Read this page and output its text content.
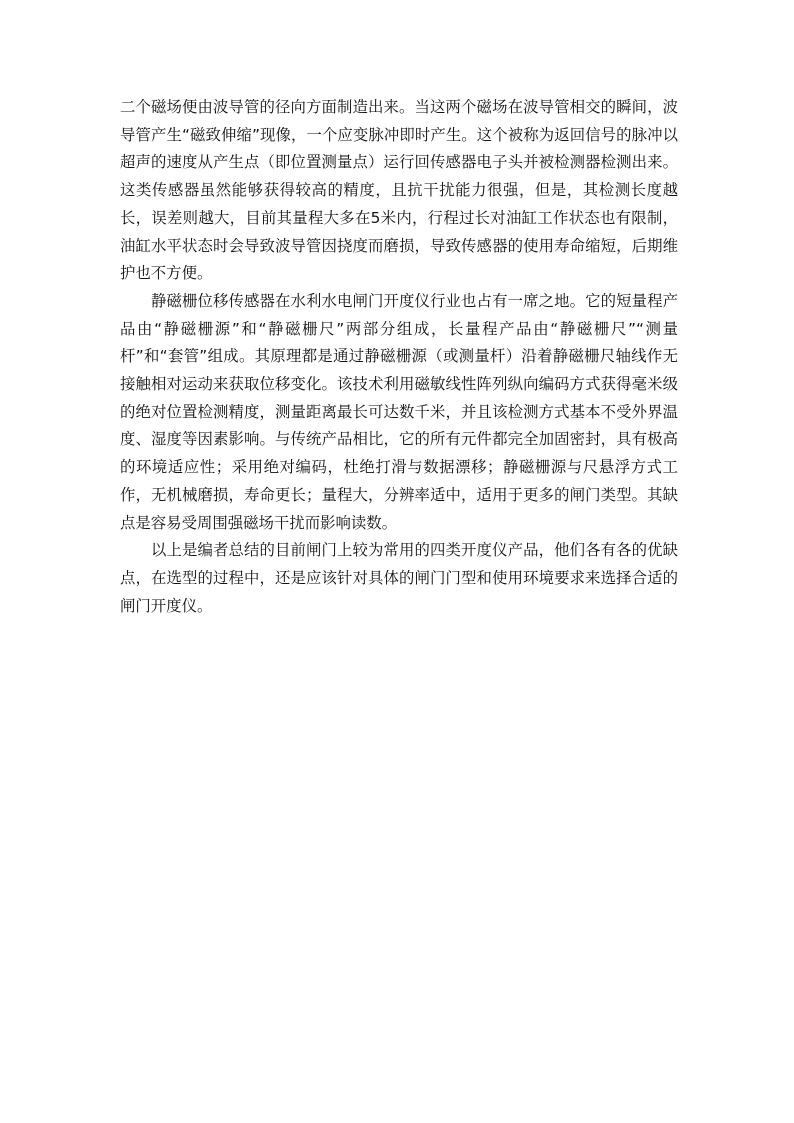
二个磁场便由波导管的径向方面制造出来。当这两个磁场在波导管相交的瞬间，波导管产生“磁致伸缩”现像，一个应变脉冲即时产生。这个被称为返回信号的脉冲以超声的速度从产生点（即位置测量点）运行回传感器电子头并被检测器检测出来。这类传感器虽然能够获得较高的精度，且抗干扰能力很强，但是，其检测长度越长，误差则越大，目前其量程大多在5米内，行程过长对油缸工作状态也有限制，油缸水平状态时会导致波导管因挠度而磨损，导致传感器的使用寿命缩短，后期维护也不方便。

静磁栅位移传感器在水利水电闸门开度仪行业也占有一席之地。它的短量程产品由“静磁栅源”和“静磁栅尺”两部分组成，长量程产品由“静磁栅尺”“测量杆”和“套管”组成。其原理都是通过静磁栅源（或测量杆）沿着静磁栅尺轴线作无接触相对运动来获取位移变化。该技术利用磁敏线性阵列纵向编码方式获得毫米级的绝对位置检测精度，测量距离最长可达数千米，并且该检测方式基本不受外界温度、湿度等因素影响。与传统产品相比，它的所有元件都完全加固密封，具有极高的环境适应性；采用绝对编码，杜绝打滑与数据漂移；静磁栅源与尺悬浮方式工作，无机械磨损，寿命更长；量程大，分辨率适中，适用于更多的闸门类型。其缺点是容易受周围强磁场干扰而影响读数。

以上是编者总结的目前闸门上较为常用的四类开度仪产品，他们各有各的优缺点，在选型的过程中，还是应该针对具体的闸门门型和使用环境要求来选择合适的闸门开度仪。
